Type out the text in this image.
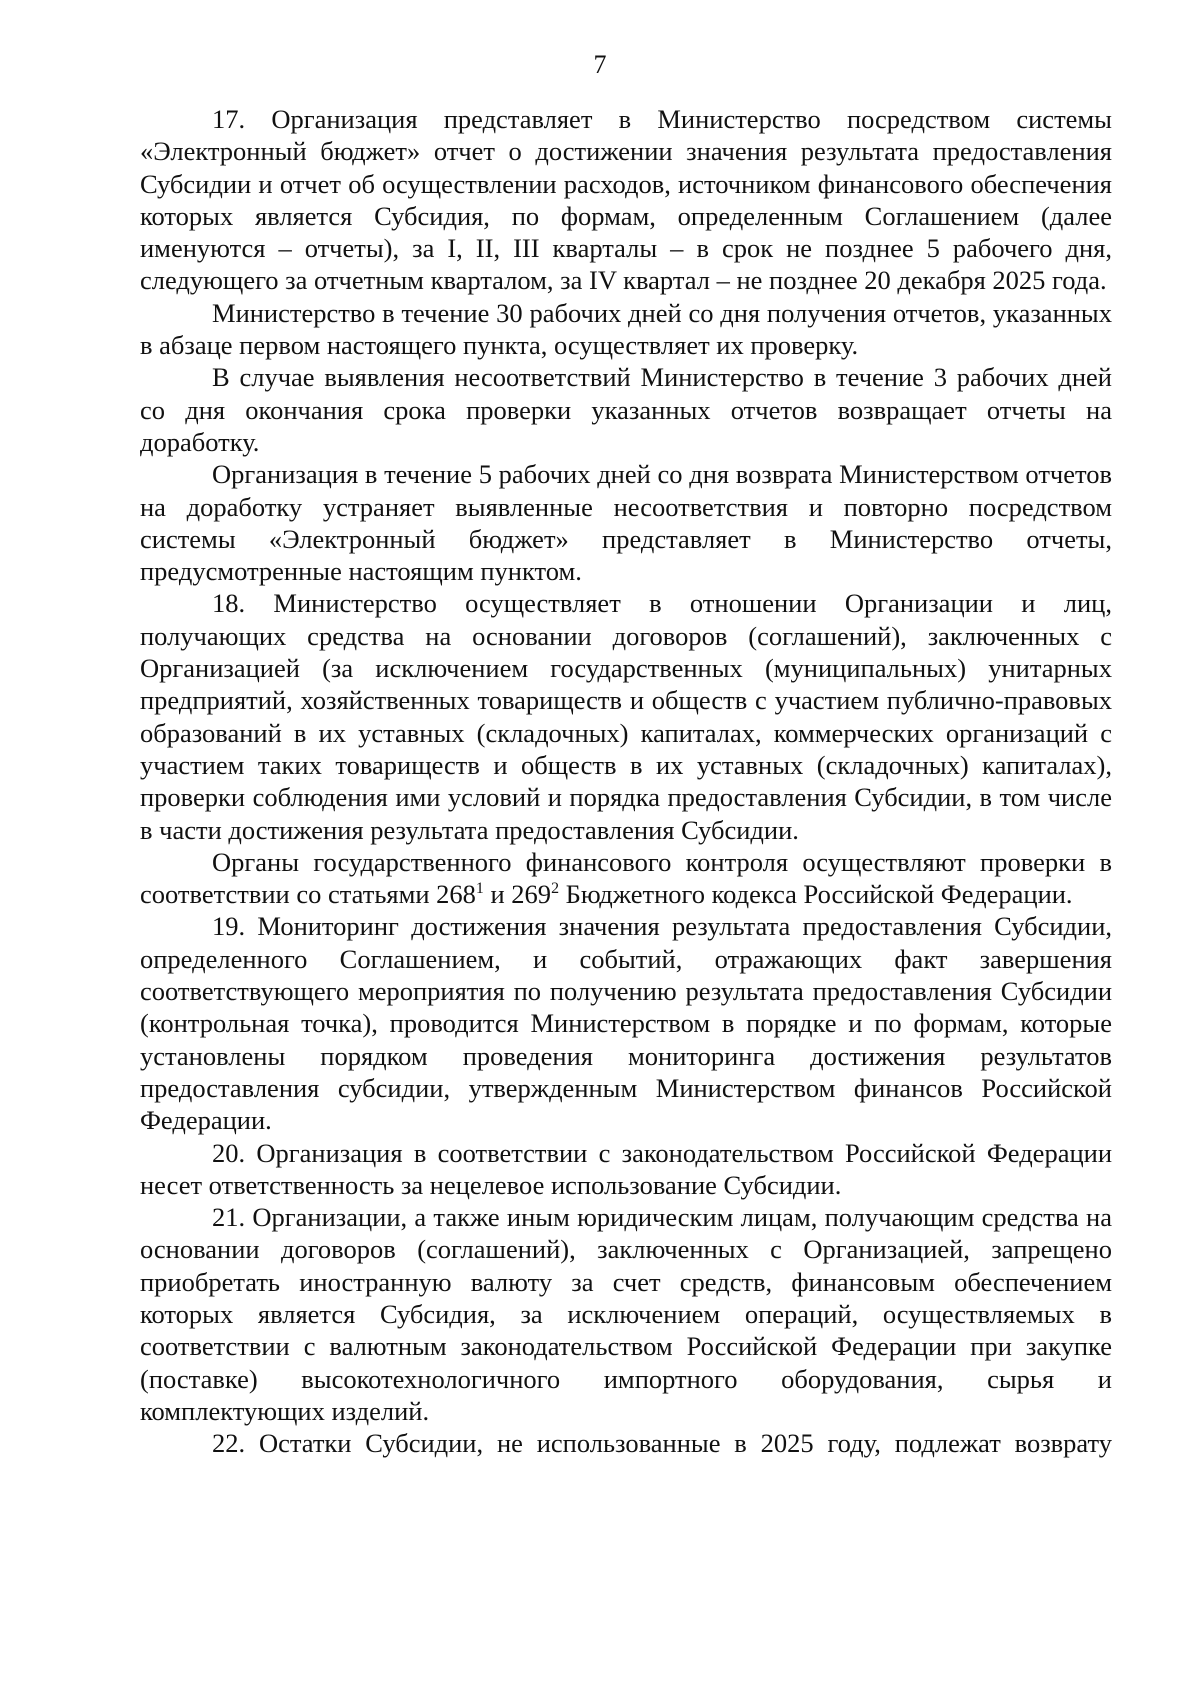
7

17. Организация представляет в Министерство посредством системы «Электронный бюджет» отчет о достижении значения результата предоставления Субсидии и отчет об осуществлении расходов, источником финансового обеспечения которых является Субсидия, по формам, определенным Соглашением (далее именуются – отчеты), за I, II, III кварталы – в срок не позднее 5 рабочего дня, следующего за отчетным кварталом, за IV квартал – не позднее 20 декабря 2025 года.

Министерство в течение 30 рабочих дней со дня получения отчетов, указанных в абзаце первом настоящего пункта, осуществляет их проверку.

В случае выявления несоответствий Министерство в течение 3 рабочих дней со дня окончания срока проверки указанных отчетов возвращает отчеты на доработку.

Организация в течение 5 рабочих дней со дня возврата Министерством отчетов на доработку устраняет выявленные несоответствия и повторно посредством системы «Электронный бюджет» представляет в Министерство отчеты, предусмотренные настоящим пунктом.

18. Министерство осуществляет в отношении Организации и лиц, получающих средства на основании договоров (соглашений), заключенных с Организацией (за исключением государственных (муниципальных) унитарных предприятий, хозяйственных товариществ и обществ с участием публично-правовых образований в их уставных (складочных) капиталах, коммерческих организаций с участием таких товариществ и обществ в их уставных (складочных) капиталах), проверки соблюдения ими условий и порядка предоставления Субсидии, в том числе в части достижения результата предоставления Субсидии.

Органы государственного финансового контроля осуществляют проверки в соответствии со статьями $268^1$ и $269^2$ Бюджетного кодекса Российской Федерации.

19. Мониторинг достижения значения результата предоставления Субсидии, определенного Соглашением, и событий, отражающих факт завершения соответствующего мероприятия по получению результата предоставления Субсидии (контрольная точка), проводится Министерством в порядке и по формам, которые установлены порядком проведения мониторинга достижения результатов предоставления субсидии, утвержденным Министерством финансов Российской Федерации.

20. Организация в соответствии с законодательством Российской Федерации несет ответственность за нецелевое использование Субсидии.

21. Организации, а также иным юридическим лицам, получающим средства на основании договоров (соглашений), заключенных с Организацией, запрещено приобретать иностранную валюту за счет средств, финансовым обеспечением которых является Субсидия, за исключением операций, осуществляемых в соответствии с валютным законодательством Российской Федерации при закупке (поставке) высокотехнологичного импортного оборудования, сырья и комплектующих изделий.

22. Остатки Субсидии, не использованные в 2025 году, подлежат возврату
